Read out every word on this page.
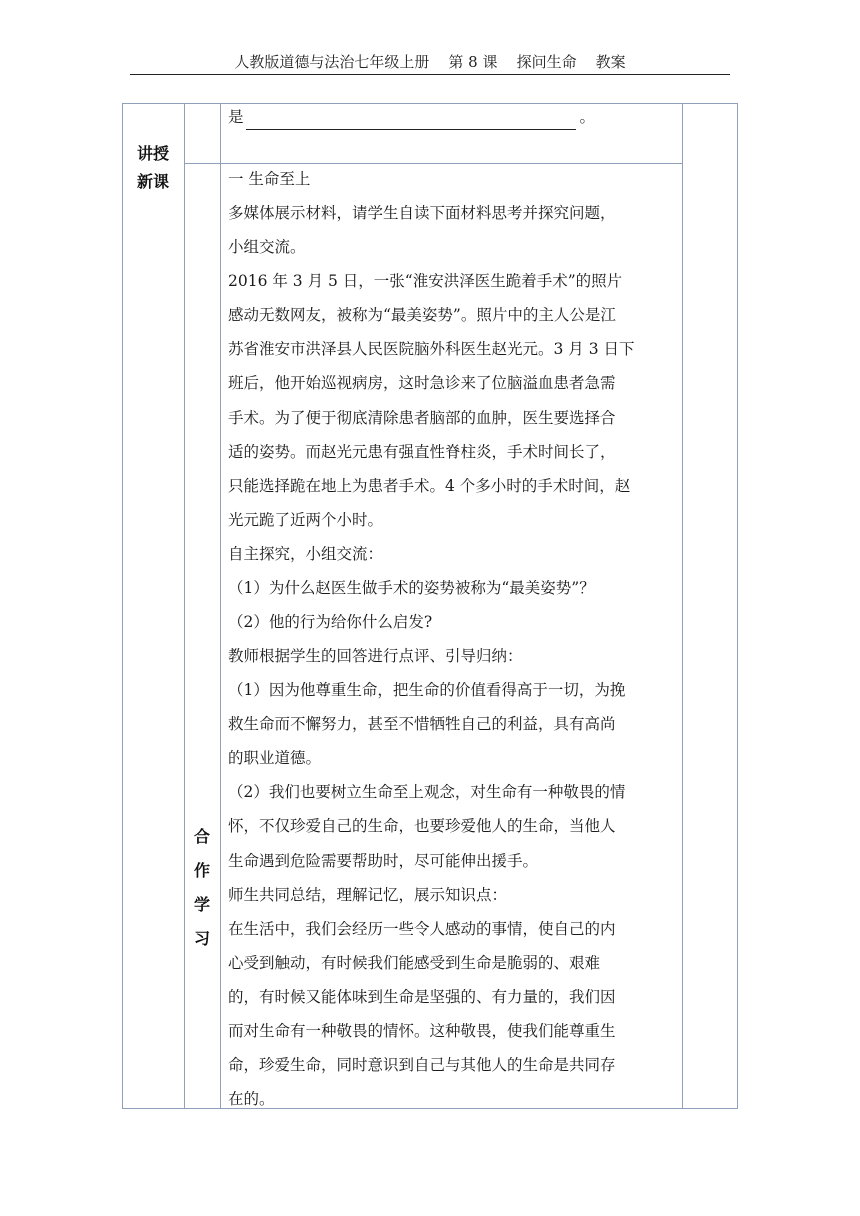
人教版道德与法治七年级上册    第 8 课    探问生命    教案
讲授
新课
合
作
学
习
是	。
一 生命至上
多媒体展示材料，请学生自读下面材料思考并探究问题，
小组交流。
2016 年 3 月 5 日，一张“淮安洪泽医生跪着手术”的照片
感动无数网友，被称为“最美姿势”。照片中的主人公是江
苏省淮安市洪泽县人民医院脑外科医生赵光元。3 月 3 日下
班后，他开始巡视病房，这时急诊来了位脑溢血患者急需
手术。为了便于彻底清除患者脑部的血肿，医生要选择合
适的姿势。而赵光元患有强直性脊柱炎，手术时间长了，
只能选择跪在地上为患者手术。4 个多小时的手术时间，赵
光元跪了近两个小时。
自主探究，小组交流：
（1）为什么赵医生做手术的姿势被称为“最美姿势”？
（2）他的行为给你什么启发?
教师根据学生的回答进行点评、引导归纳：
（1）因为他尊重生命，把生命的价值看得高于一切，为挽
救生命而不懈努力，甚至不惜牺牲自己的利益，具有高尚
的职业道德。
（2）我们也要树立生命至上观念，对生命有一种敬畏的情
怀，不仅珍爱自己的生命，也要珍爱他人的生命，当他人
生命遇到危险需要帮助时，尽可能伸出援手。
师生共同总结，理解记忆，展示知识点：
在生活中，我们会经历一些令人感动的事情，使自己的内
心受到触动，有时候我们能感受到生命是脆弱的、艰难
的，有时候又能体味到生命是坚强的、有力量的，我们因
而对生命有一种敬畏的情怀。这种敬畏，使我们能尊重生
命，珍爱生命，同时意识到自己与其他人的生命是共同存
在的。
